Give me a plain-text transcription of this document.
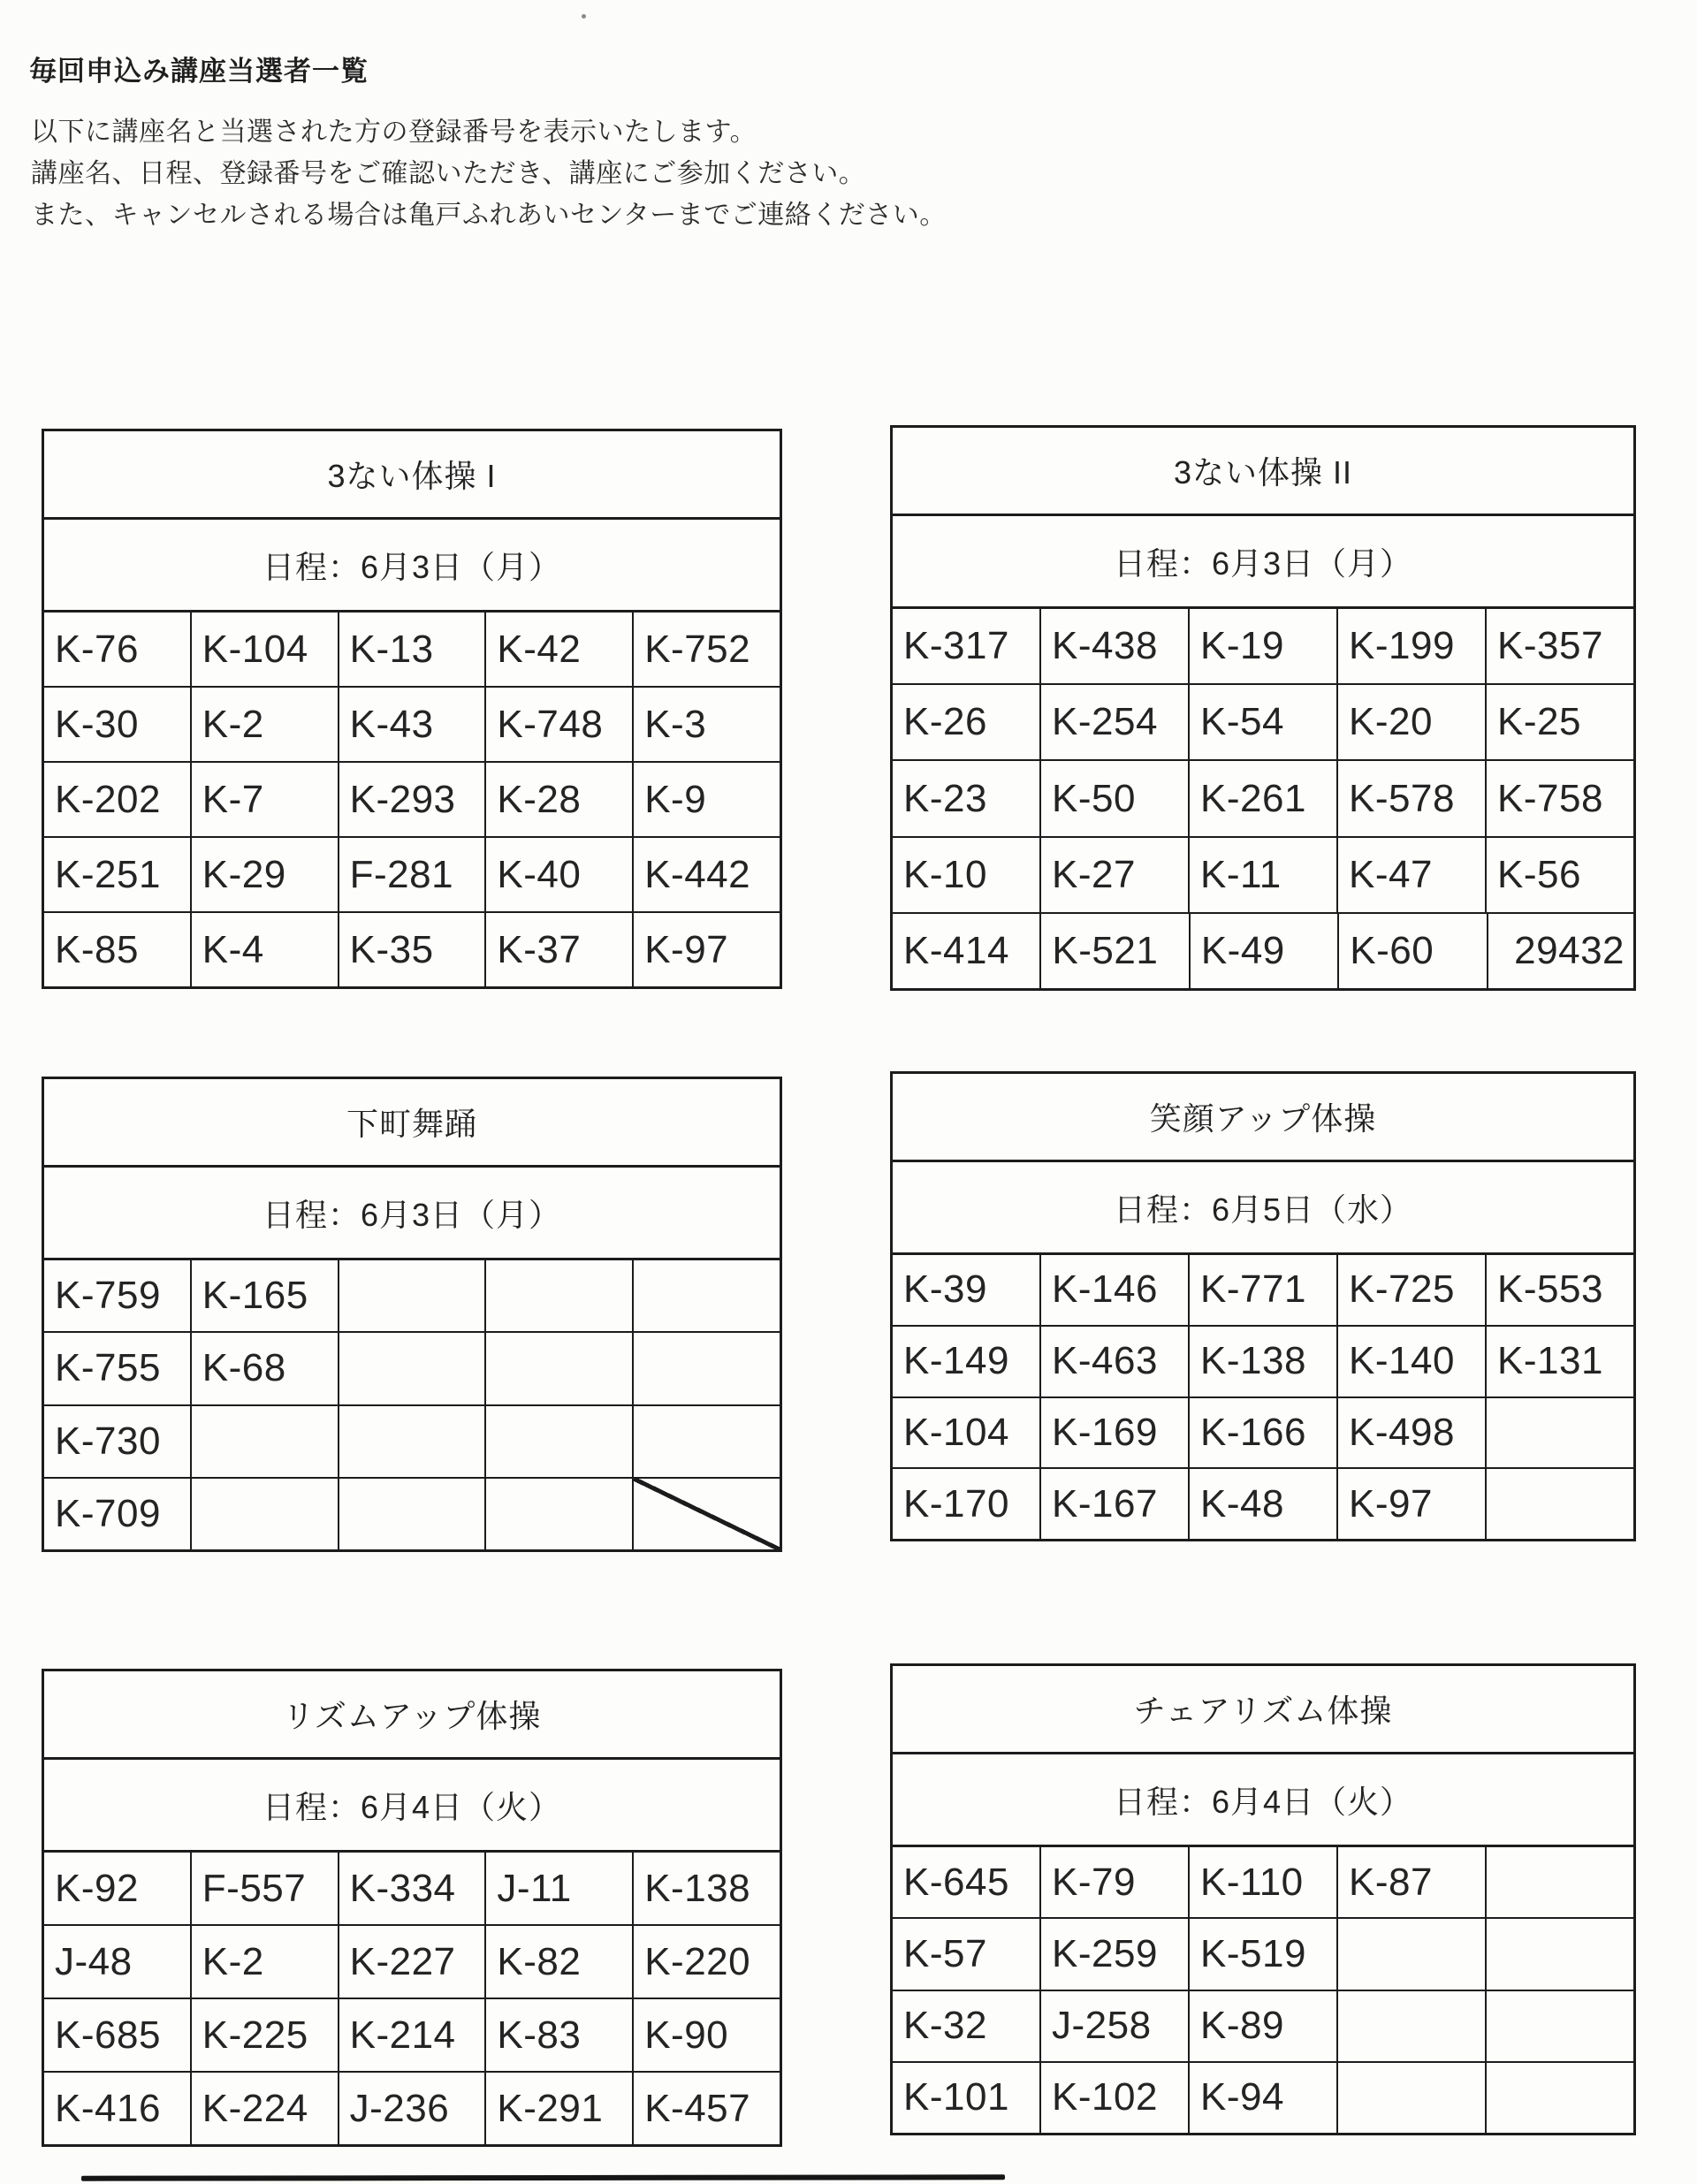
毎回申込み講座当選者一覧
以下に講座名と当選された方の登録番号を表示いたします。
講座名、日程、登録番号をご確認いただき、講座にご参加ください。
また、キャンセルされる場合は亀戸ふれあいセンターまでご連絡ください。
3ない体操 I
日程：6月3日（月）
K-76	K-104	K-13	K-42	K-752
K-30	K-2	K-43	K-748	K-3
K-202	K-7	K-293	K-28	K-9
K-251	K-29	F-281	K-40	K-442
K-85	K-4	K-35	K-37	K-97
3ない体操 II
日程：6月3日（月）
K-317	K-438	K-19	K-199	K-357
K-26	K-254	K-54	K-20	K-25
K-23	K-50	K-261	K-578	K-758
K-10	K-27	K-11	K-47	K-56
K-414	K-521	K-49	K-60	29432
下町舞踊
日程：6月3日（月）
K-759	K-165
K-755	K-68
K-730
K-709
笑顔アップ体操
日程：6月5日（水）
K-39	K-146	K-771	K-725	K-553
K-149	K-463	K-138	K-140	K-131
K-104	K-169	K-166	K-498
K-170	K-167	K-48	K-97
リズムアップ体操
日程：6月4日（火）
K-92	F-557	K-334	J-11	K-138
J-48	K-2	K-227	K-82	K-220
K-685	K-225	K-214	K-83	K-90
K-416	K-224	J-236	K-291	K-457
チェアリズム体操
日程：6月4日（火）
K-645	K-79	K-110	K-87
K-57	K-259	K-519
K-32	J-258	K-89
K-101	K-102	K-94
